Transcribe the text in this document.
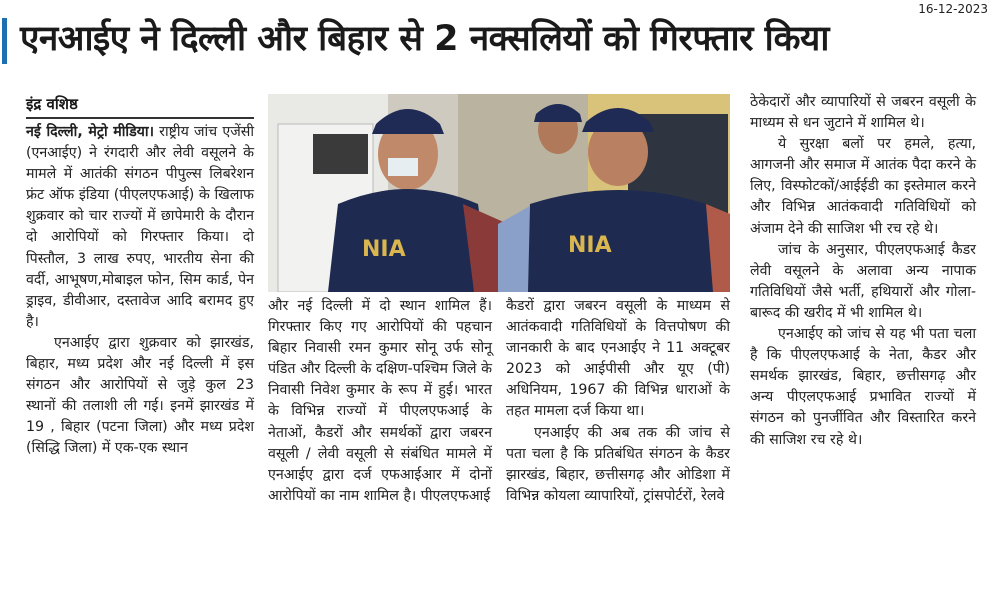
16-12-2023
एनआईए ने दिल्ली और बिहार से 2 नक्सलियों को गिरफ्तार किया
इंद्र वशिष्ठ

नई दिल्ली, मेट्रो मीडिया। राष्ट्रीय जांच एजेंसी (एनआईए) ने रंगदारी और लेवी वसूलने के मामले में आतंकी संगठन पीपुल्स लिबरेशन फ्रंट ऑफ इंडिया (पीएलएफआई) के खिलाफ शुक्रवार को चार राज्यों में छापेमारी के दौरान दो आरोपियों को गिरफ्तार किया। दो पिस्तौल, 3 लाख रुपए, भारतीय सेना की वर्दी, आभूषण,मोबाइल फोन, सिम कार्ड, पेन ड्राइव, डीवीआर, दस्तावेज आदि बरामद हुए है।

एनआईए द्वारा शुक्रवार को झारखंड, बिहार, मध्य प्रदेश और नई दिल्ली में इस संगठन और आरोपियों से जुड़े कुल 23 स्थानों की तलाशी ली गई। इनमें झारखंड में 19 , बिहार (पटना जिला) और मध्य प्रदेश (सिद्धि जिला) में एक-एक स्थान

NIA	NIA

और नई दिल्ली में दो स्थान शामिल हैं। गिरफ्तार किए गए आरोपियों की पहचान बिहार निवासी रमन कुमार सोनू उर्फ सोनू पंडित और दिल्ली के दक्षिण-पश्चिम जिले के निवासी निवेश कुमार के रूप में हुई। भारत के विभिन्न राज्यों में पीएलएफआई के नेताओं, कैडरों और समर्थकों द्वारा जबरन वसूली / लेवी वसूली से संबंधित मामले में एनआईए द्वारा दर्ज एफआईआर में दोनों आरोपियों का नाम शामिल है। पीएलएफआई

कैडरों द्वारा जबरन वसूली के माध्यम से आतंकवादी गतिविधियों के वित्तपोषण की जानकारी के बाद एनआईए ने 11 अक्टूबर 2023 को आईपीसी और यूए (पी) अधिनियम, 1967 की विभिन्न धाराओं के तहत मामला दर्ज किया था।

एनआईए की अब तक की जांच से पता चला है कि प्रतिबंधित संगठन के कैडर झारखंड, बिहार, छत्तीसगढ़ और ओडिशा में विभिन्न कोयला व्यापारियों, ट्रांसपोर्टरों, रेलवे

ठेकेदारों और व्यापारियों से जबरन वसूली के माध्यम से धन जुटाने में शामिल थे।

ये सुरक्षा बलों पर हमले, हत्या, आगजनी और समाज में आतंक पैदा करने के लिए, विस्फोटकों/आईईडी का इस्तेमाल करने और विभिन्न आतंकवादी गतिविधियों को अंजाम देने की साजिश भी रच रहे थे।

जांच के अनुसार, पीएलएफआई कैडर लेवी वसूलने के अलावा अन्य नापाक गतिविधियों जैसे भर्ती, हथियारों और गोला-बारूद की खरीद में भी शामिल थे।

एनआईए को जांच से यह भी पता चला है कि पीएलएफआई के नेता, कैडर और समर्थक झारखंड, बिहार, छत्तीसगढ़ और अन्य पीएलएफआई प्रभावित राज्यों में संगठन को पुनर्जीवित और विस्तारित करने की साजिश रच रहे थे।
